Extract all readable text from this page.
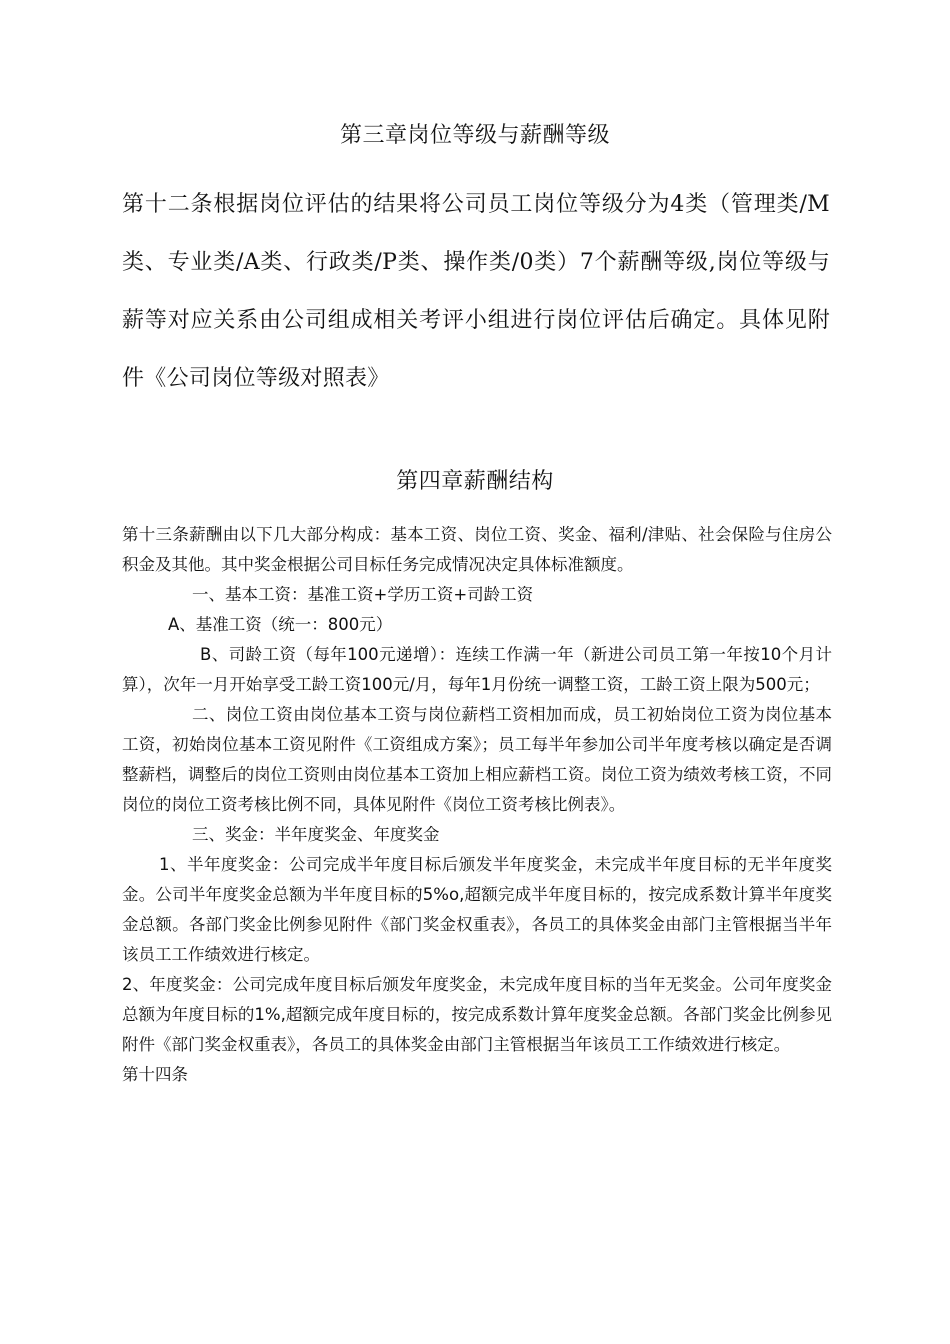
第三章岗位等级与薪酬等级

第十二条根据岗位评估的结果将公司员工岗位等级分为4类（管理类/M类、专业类/A类、行政类/P类、操作类/0类）7个薪酬等级,岗位等级与薪等对应关系由公司组成相关考评小组进行岗位评估后确定。具体见附件《公司岗位等级对照表》

第四章薪酬结构

第十三条薪酬由以下几大部分构成：基本工资、岗位工资、奖金、福利/津贴、社会保险与住房公积金及其他。其中奖金根据公司目标任务完成情况决定具体标准额度。

一、基本工资：基准工资+学历工资+司龄工资

A、基准工资（统一：800元）

B、司龄工资（每年100元递增）：连续工作满一年（新进公司员工第一年按10个月计算），次年一月开始享受工龄工资100元/月，每年1月份统一调整工资，工龄工资上限为500元；

二、岗位工资由岗位基本工资与岗位薪档工资相加而成，员工初始岗位工资为岗位基本工资，初始岗位基本工资见附件《工资组成方案》；员工每半年参加公司半年度考核以确定是否调整薪档，调整后的岗位工资则由岗位基本工资加上相应薪档工资。岗位工资为绩效考核工资，不同岗位的岗位工资考核比例不同，具体见附件《岗位工资考核比例表》。

三、奖金：半年度奖金、年度奖金

1、半年度奖金：公司完成半年度目标后颁发半年度奖金，未完成半年度目标的无半年度奖金。公司半年度奖金总额为半年度目标的5%o,超额完成半年度目标的，按完成系数计算半年度奖金总额。各部门奖金比例参见附件《部门奖金权重表》，各员工的具体奖金由部门主管根据当半年该员工工作绩效进行核定。

2、年度奖金：公司完成年度目标后颁发年度奖金，未完成年度目标的当年无奖金。公司年度奖金总额为年度目标的1%,超额完成年度目标的，按完成系数计算年度奖金总额。各部门奖金比例参见附件《部门奖金权重表》，各员工的具体奖金由部门主管根据当年该员工工作绩效进行核定。

第十四条
